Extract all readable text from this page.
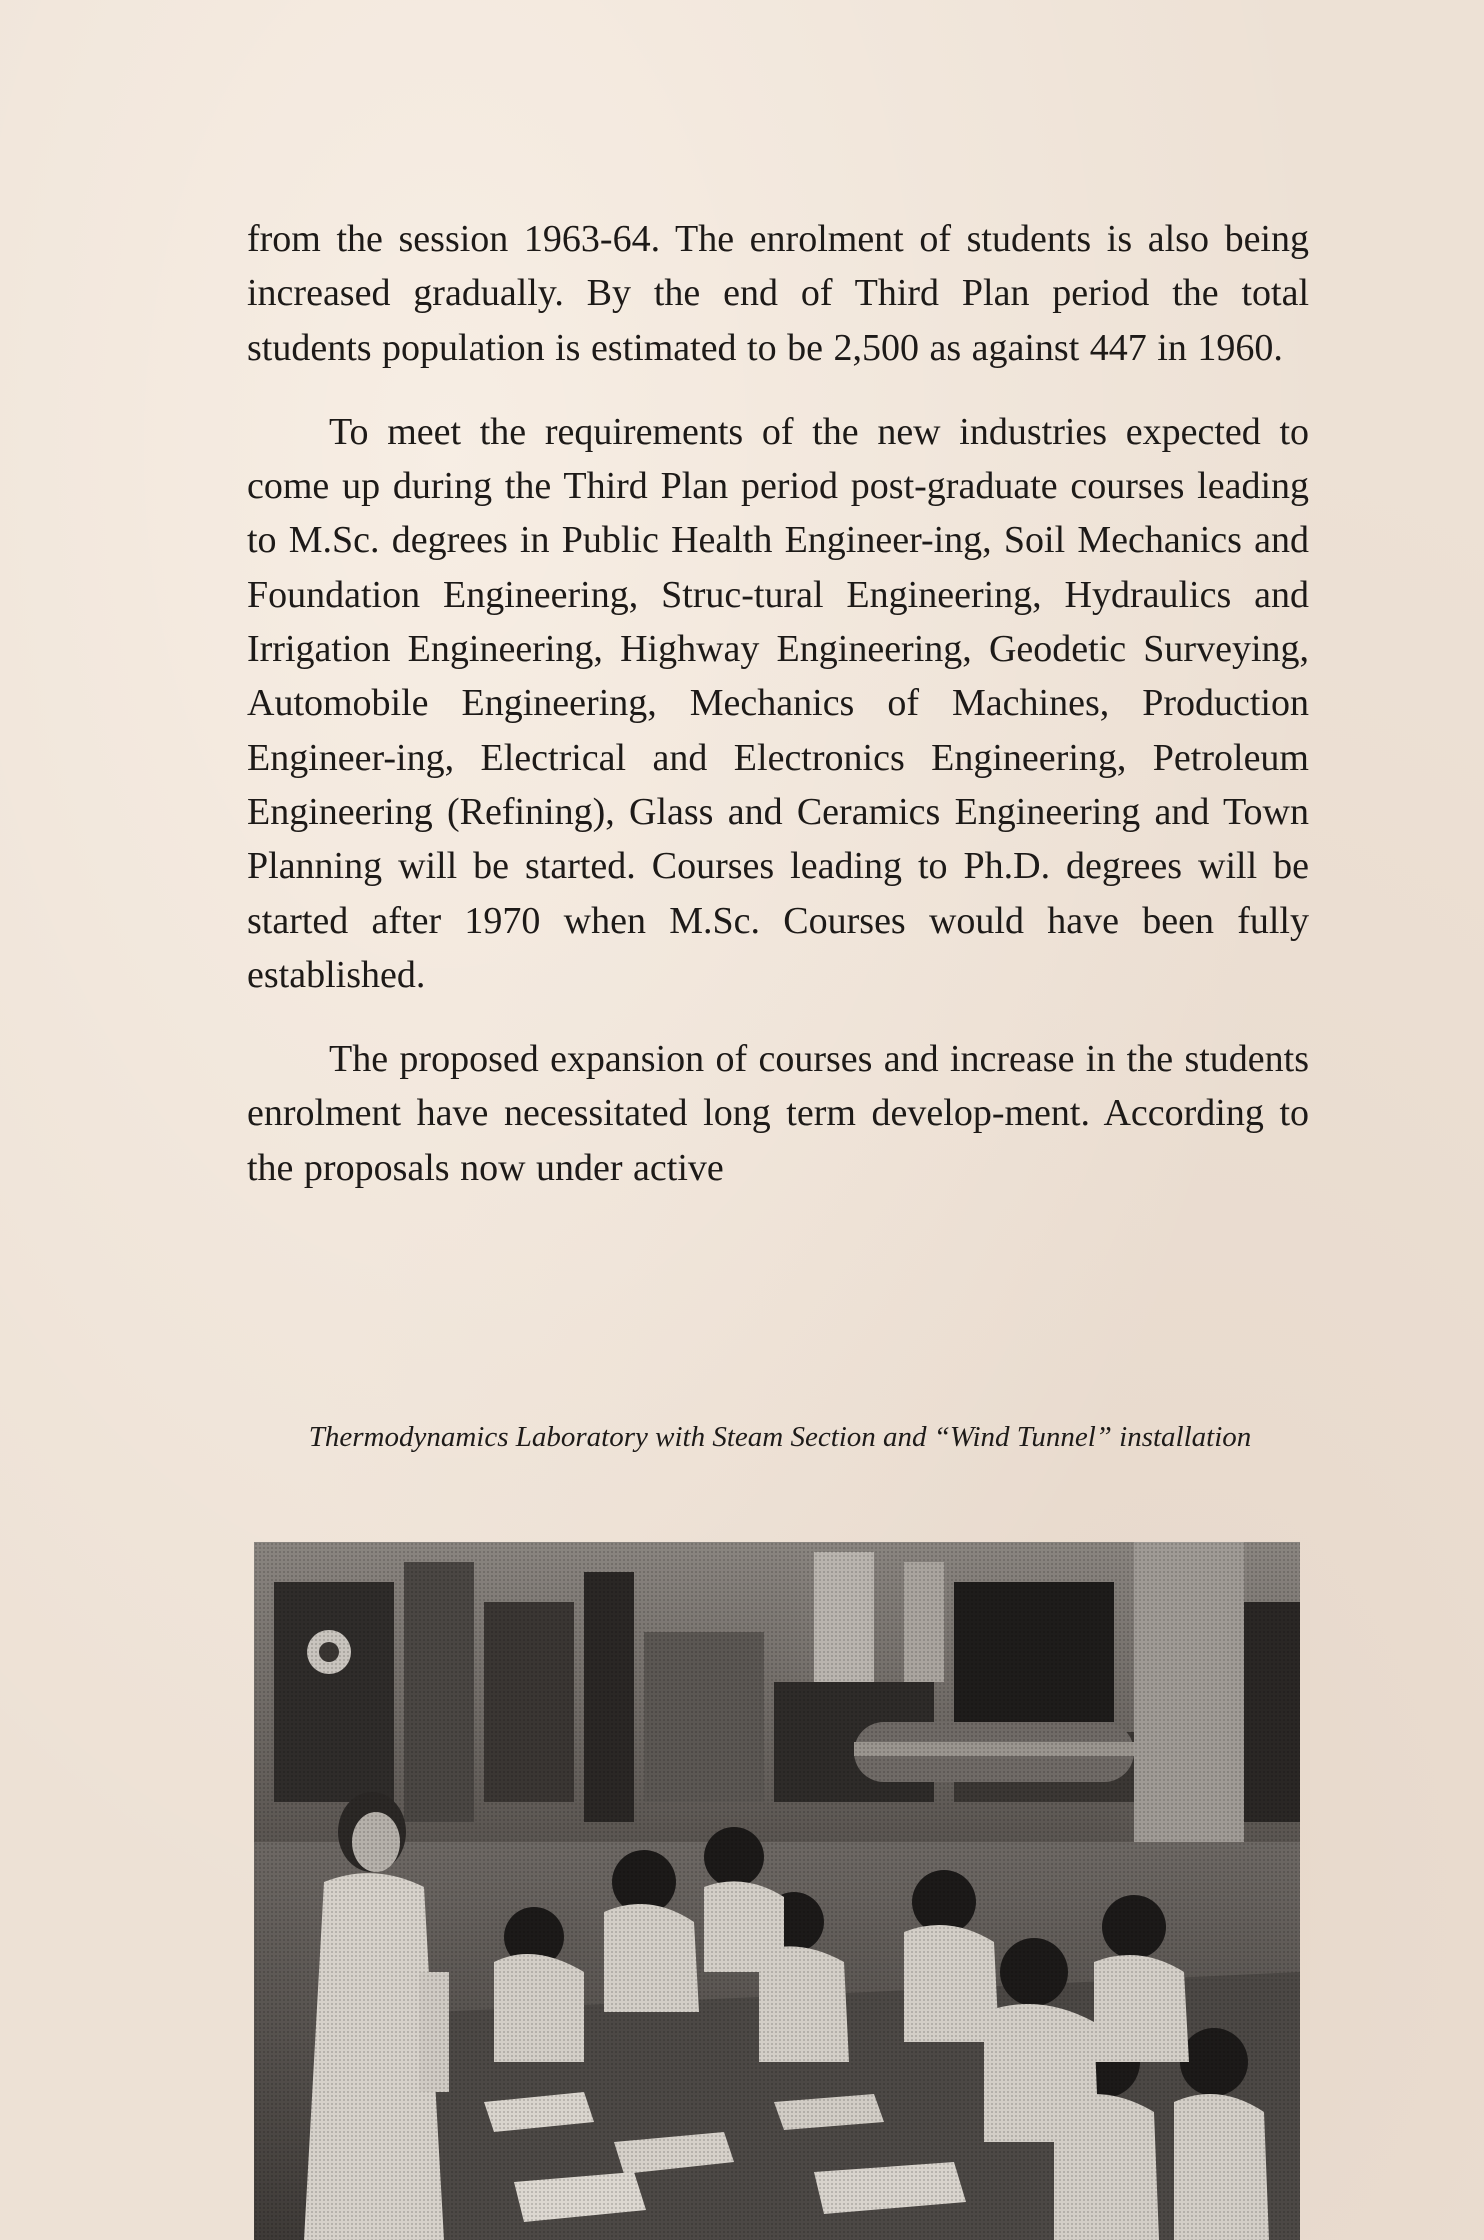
from the session 1963-64. The enrolment of students is also being increased gradually. By the end of Third Plan period the total students population is estimated to be 2,500 as against 447 in 1960.

To meet the requirements of the new industries expected to come up during the Third Plan period post-graduate courses leading to M.Sc. degrees in Public Health Engineer-ing, Soil Mechanics and Foundation Engineering, Struc-tural Engineering, Hydraulics and Irrigation Engineering, Highway Engineering, Geodetic Surveying, Automobile Engineering, Mechanics of Machines, Production Engineer-ing, Electrical and Electronics Engineering, Petroleum Engineering (Refining), Glass and Ceramics Engineering and Town Planning will be started. Courses leading to Ph.D. degrees will be started after 1970 when M.Sc. Courses would have been fully established.

The proposed expansion of courses and increase in the students enrolment have necessitated long term develop-ment. According to the proposals now under active

Thermodynamics Laboratory with Steam Section and “Wind Tunnel” installation
